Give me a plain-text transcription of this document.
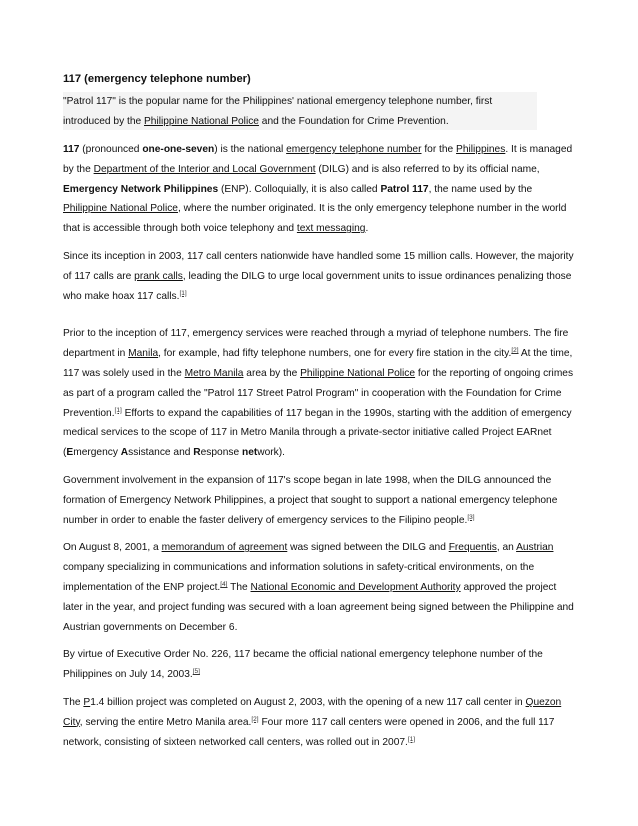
117 (emergency telephone number)

"Patrol 117" is the popular name for the Philippines' national emergency telephone number, first introduced by the Philippine National Police and the Foundation for Crime Prevention.

117 (pronounced one-one-seven) is the national emergency telephone number for the Philippines. It is managed by the Department of the Interior and Local Government (DILG) and is also referred to by its official name, Emergency Network Philippines (ENP). Colloquially, it is also called Patrol 117, the name used by the Philippine National Police, where the number originated. It is the only emergency telephone number in the world that is accessible through both voice telephony and text messaging.

Since its inception in 2003, 117 call centers nationwide have handled some 15 million calls. However, the majority of 117 calls are prank calls, leading the DILG to urge local government units to issue ordinances penalizing those who make hoax 117 calls.[1]

Prior to the inception of 117, emergency services were reached through a myriad of telephone numbers. The fire department in Manila, for example, had fifty telephone numbers, one for every fire station in the city.[2] At the time, 117 was solely used in the Metro Manila area by the Philippine National Police for the reporting of ongoing crimes as part of a program called the "Patrol 117 Street Patrol Program" in cooperation with the Foundation for Crime Prevention.[1] Efforts to expand the capabilities of 117 began in the 1990s, starting with the addition of emergency medical services to the scope of 117 in Metro Manila through a private-sector initiative called Project EARnet (Emergency Assistance and Response network).

Government involvement in the expansion of 117's scope began in late 1998, when the DILG announced the formation of Emergency Network Philippines, a project that sought to support a national emergency telephone number in order to enable the faster delivery of emergency services to the Filipino people.[3]

On August 8, 2001, a memorandum of agreement was signed between the DILG and Frequentis, an Austrian company specializing in communications and information solutions in safety-critical environments, on the implementation of the ENP project.[4] The National Economic and Development Authority approved the project later in the year, and project funding was secured with a loan agreement being signed between the Philippine and Austrian governments on December 6.

By virtue of Executive Order No. 226, 117 became the official national emergency telephone number of the Philippines on July 14, 2003.[5]

The P1.4 billion project was completed on August 2, 2003, with the opening of a new 117 call center in Quezon City, serving the entire Metro Manila area.[2] Four more 117 call centers were opened in 2006, and the full 117 network, consisting of sixteen networked call centers, was rolled out in 2007.[1]
